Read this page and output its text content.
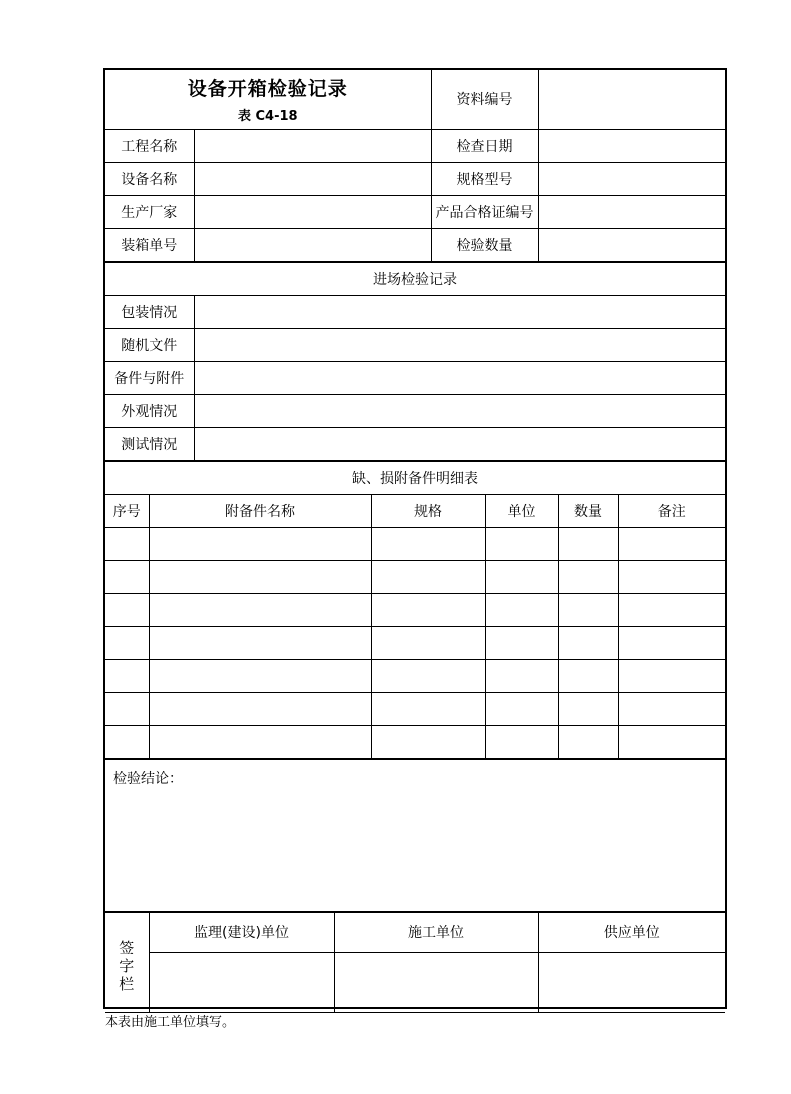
设备开箱检验记录
表 C4-18		资料编号	
工程名称		检查日期	
设备名称		规格型号	
生产厂家		产品合格证编号	
装箱单号		检验数量	
进场检验记录	
包装情况	
随机文件	
备件与附件	
外观情况	
测试情况	
缺、损附备件明细表					
序号	附备件名称	规格	单位	数量	备注

检验结论：
签
字
栏	监理(建设)单位	施工单位	供应单位

本表由施工单位填写。
